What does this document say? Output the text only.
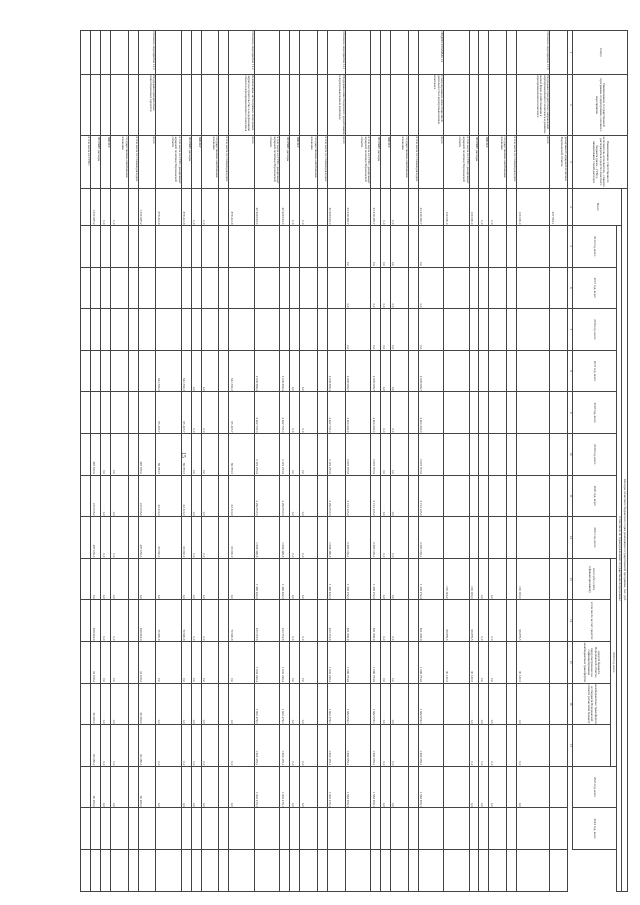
15
Статус	Наименование государственной программы, подпрограммы, основного мероприятия	Наименование ответственного исполнителя, исполнителя - главного распорядителя средств областного бюджета (далее - ГРБС), наименование статей расходов	Расходы областного бюджета по годам реализации государственной программы, тыс. руб.																
			Всего	в том числе по годам реализации государственной программы															
				2014 год, всего	2015 год, всего	2016 год, всего	2017 год, всего	2018 год, всего	2019 год, всего	2020 год, всего	2021 год, всего	2022 год, всего					2023 год, всего	2024 год, всего	
												всего (без учета софинансирования)	в том числе за счет средств:	средств бюджета Воронежской области, предусмотренных на софинансирование межбюджетных трансфертов	межбюджетных трансфертов из бюджета Воронежской области (областной бюджет)				
1	2	3	4	5	6	7	8	9	10	11	12	13	14	15	16	17			
		департамент аграрной политики Воронежской области	227 861,1																
Основное мероприятие 13.8	Поддержка приоритетных направлений агропромышленного комплекса и развитие малых форм хозяйствования в агропромышленном комплексе	всего	130 000,0									130 000,0	99 879,5	30 120,5	0,0	0,0	0,0		
		в том числе по статьям расходов:																	
		государственные капитальные вложения	0,0									0,0	0,0	0,0	0,0	0,0	0,0		
		НИОКР	0,0									0,0	0,0	0,0	0,0	0,0	0,0		
		ПРОЧИЕ расходы	130 000,0									130 000,0	99 879,5	30 120,5	0,0	0,0	0,0		
		в том числе по ГРБС: департамент аграрной политики Воронежской области	130 000,0									130 000,0	99 879,5	30 120,5					
ПОДПРОГРАММА 14	Стимулирование инвестиционной деятельности в агропромышленном комплексе	всего	23 239 465,7	0,0	0,0	0,0	4 678 089,7	4 904 202,0	3 672 705,6	2 714 123,0	2 280 109,1	1 458 272,2	821 836,9	1 086 754,9	1 662 959,1	1 662 959,1	1 662 959,1		
		в том числе по статьям расходов:																	
		государственные капитальные вложения	0,0	0,0	0,0	0,0	0,0	0,0	0,0	0,0	0,0	0,0	0,0	0,0	0,0	0,0	0,0		
		НИОКР	0,0	0,0	0,0	0,0	0,0	0,0	0,0	0,0	0,0	0,0	0,0	0,0	0,0	0,0	0,0		
		ПРОЧИЕ расходы	23 239 465,7	0,0	0,0	0,0	4 678 089,7	4 904 202,0	3 672 705,6	2 714 123,0	2 280 109,1	1 458 272,2	821 836,9	1 086 754,9	1 662 959,1	1 662 959,1	1 662 959,1		
		в том числе по ГРБС: департамент аграрной политики Воронежской области	23 239 465,7	0,0	0,0	0,0	4 678 089,7	4 904 202,0	3 672 705,6	2 714 123,0	2 280 109,1	1 458 272,2	821 836,9	1 086 754,9	1 662 959,1	1 662 959,1	1 662 959,1		
Основное мероприятие 14.1	Поддержка инвестиционного кредитования в агропромышленном комплексе	всего	20 929 016,0				4 036 699,4	4 922 733,3	3 119 253,9	2 292 837,0	1 699 496,8	1 496 932,2	233 574,6	1 632 246,4	1 602 479,1	1 602 479,1	1 602 479,1		
		в том числе по статьям расходов:																	
		государственные капитальные вложения	0,0				0,0	0,0	0,0	0,0	0,0	0,0	0,0	0,0	0,0	0,0	0,0		
		НИОКР	0,0				0,0	0,0	0,0	0,0	0,0	0,0	0,0	0,0	0,0	0,0	0,0		
		ПРОЧИЕ расходы	20 929 016,0				4 036 699,4	4 922 733,3	3 119 253,9	2 292 837,0	1 699 496,8	1 496 932,2	233 574,6	1 632 246,4	1 602 479,1	1 602 479,1	1 602 479,1		
		в том числе по ГРБС: департамент аграрной политики Воронежской области	20 929 016,0				4 036 699,4	4 922 733,3	3 119 253,9	2 292 837,0	1 699 496,8	1 496 932,2	233 574,6	1 632 246,4	1 602 479,1	1 602 479,1	1 602 479,1		
Основное мероприятие 14.2	Компенсация части прямых понесенных затрат на строительство и модернизацию объектов агропромышленного комплекса	всего	879 413,8				641 390,3	65 407,7	69 783,5	32 210,0	30 000,0	0,0	70 900,8	0,0	0,0	0,0	0,0		
		в том числе по статьям расходов:																	
		государственные капитальные вложения	0,0				0,0	0,0	0,0	0,0	0,0	0,0	0,0	0,0	0,0	0,0	0,0		
		НИОКР	0,0				0,0	0,0	0,0	0,0	0,0	0,0	0,0	0,0	0,0	0,0	0,0		
		ПРОЧИЕ расходы	879 413,8				641 390,3	65 407,7	69 783,5	32 210,0	30 000,0	0,0	70 900,8	0,0	0,0	0,0	0,0		
		в том числе по ГРБС: департамент аграрной политики Воронежской области	879 413,8				641 390,3	65 407,7	69 783,5	32 210,0	30 000,0	0,0	70 900,8	0,0	0,0	0,0	0,0		
Основное мероприятие 14.3	Поддержка приоритетных инвестиционных проектов	всего	1 350 987,2						485 670,0	415 056,0	497 036,3	0,0	499 604,9	34 108,2	60 280,0	60 280,0	60 280,0		
		в том числе по статьям расходов:																	
		государственные капитальные вложения	0,0						0,0	0,0	0,0	0,0	0,0	0,0	0,0	0,0	0,0		
		НИОКР	0,0						0,0	0,0	0,0	0,0	0,0	0,0	0,0	0,0	0,0		
		ПРОЧИЕ расходы	1 350 987,2						485 670,0	415 056,0	497 036,3	0,0	499 604,9	34 108,2	60 280,0	60 280,0	60 280,0		
		в том числе по ГРБС:																	
